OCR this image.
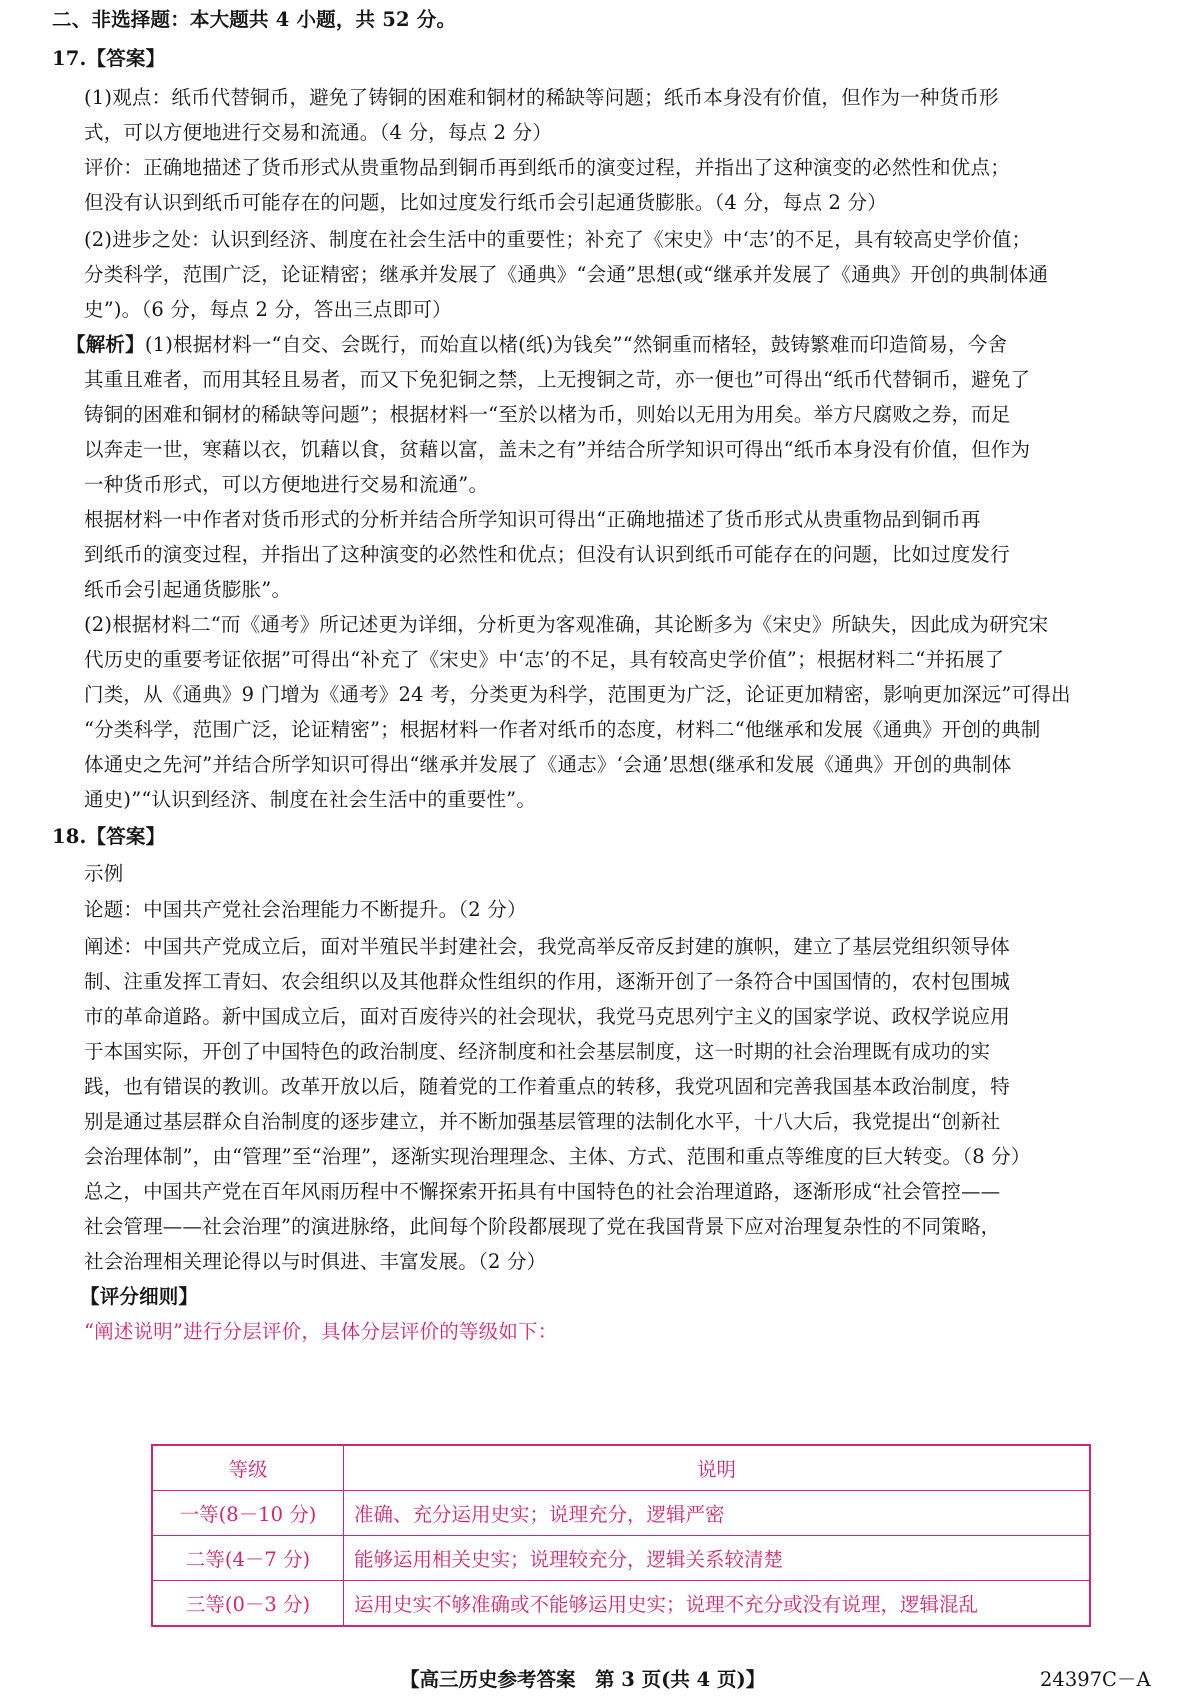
二、非选择题：本大题共 4 小题，共 52 分。
17.【答案】
(1)观点：纸币代替铜币，避免了铸铜的困难和铜材的稀缺等问题；纸币本身没有价值，但作为一种货币形
式，可以方便地进行交易和流通。（4 分，每点 2 分）
评价：正确地描述了货币形式从贵重物品到铜币再到纸币的演变过程，并指出了这种演变的必然性和优点；
但没有认识到纸币可能存在的问题，比如过度发行纸币会引起通货膨胀。（4 分，每点 2 分）
(2)进步之处：认识到经济、制度在社会生活中的重要性；补充了《宋史》中‘志’的不足，具有较高史学价值；
分类科学，范围广泛，论证精密；继承并发展了《通典》“会通”思想(或“继承并发展了《通典》开创的典制体通
史”)。（6 分，每点 2 分，答出三点即可）
【解析】(1)根据材料一“自交、会既行，而始直以楮(纸)为钱矣”“然铜重而楮轻，鼓铸繁难而印造简易，今舍
其重且难者，而用其轻且易者，而又下免犯铜之禁，上无搜铜之苛，亦一便也”可得出“纸币代替铜币，避免了
铸铜的困难和铜材的稀缺等问题”；根据材料一“至於以楮为币，则始以无用为用矣。举方尺腐败之券，而足
以奔走一世，寒藉以衣，饥藉以食，贫藉以富，盖未之有”并结合所学知识可得出“纸币本身没有价值，但作为
一种货币形式，可以方便地进行交易和流通”。
根据材料一中作者对货币形式的分析并结合所学知识可得出“正确地描述了货币形式从贵重物品到铜币再
到纸币的演变过程，并指出了这种演变的必然性和优点；但没有认识到纸币可能存在的问题，比如过度发行
纸币会引起通货膨胀”。
(2)根据材料二“而《通考》所记述更为详细，分析更为客观准确，其论断多为《宋史》所缺失，因此成为研究宋
代历史的重要考证依据”可得出“补充了《宋史》中‘志’的不足，具有较高史学价值”；根据材料二“并拓展了
门类，从《通典》9 门增为《通考》24 考，分类更为科学，范围更为广泛，论证更加精密，影响更加深远”可得出
“分类科学，范围广泛，论证精密”；根据材料一作者对纸币的态度，材料二“他继承和发展《通典》开创的典制
体通史之先河”并结合所学知识可得出“继承并发展了《通志》‘会通’思想(继承和发展《通典》开创的典制体
通史)”“认识到经济、制度在社会生活中的重要性”。
18.【答案】
示例
论题：中国共产党社会治理能力不断提升。（2 分）
阐述：中国共产党成立后，面对半殖民半封建社会，我党高举反帝反封建的旗帜，建立了基层党组织领导体
制、注重发挥工青妇、农会组织以及其他群众性组织的作用，逐渐开创了一条符合中国国情的，农村包围城
市的革命道路。新中国成立后，面对百废待兴的社会现状，我党马克思列宁主义的国家学说、政权学说应用
于本国实际，开创了中国特色的政治制度、经济制度和社会基层制度，这一时期的社会治理既有成功的实
践，也有错误的教训。改革开放以后，随着党的工作着重点的转移，我党巩固和完善我国基本政治制度，特
别是通过基层群众自治制度的逐步建立，并不断加强基层管理的法制化水平，十八大后，我党提出“创新社
会治理体制”，由“管理”至“治理”，逐渐实现治理理念、主体、方式、范围和重点等维度的巨大转变。（8 分）
总之，中国共产党在百年风雨历程中不懈探索开拓具有中国特色的社会治理道路，逐渐形成“社会管控——
社会管理——社会治理”的演进脉络，此间每个阶段都展现了党在我国背景下应对治理复杂性的不同策略，
社会治理相关理论得以与时俱进、丰富发展。（2 分）
【评分细则】
“阐述说明”进行分层评价，具体分层评价的等级如下：
等级	说明
一等(8－10 分)	准确、充分运用史实；说理充分，逻辑严密
二等(4－7 分)	能够运用相关史实；说理较充分，逻辑关系较清楚
三等(0－3 分)	运用史实不够准确或不能够运用史实；说理不充分或没有说理，逻辑混乱
【高三历史参考答案　第 3 页(共 4 页)】	24397C－A
